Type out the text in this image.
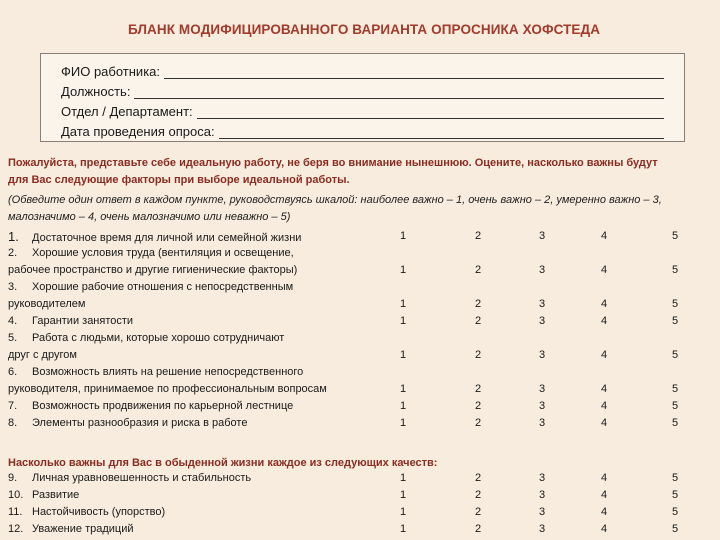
БЛАНК МОДИФИЦИРОВАННОГО ВАРИАНТА ОПРОСНИКА ХОФСТЕДА
ФИО работника:
Должность:
Отдел / Департамент:
Дата проведения опроса:
Пожалуйста, представьте себе идеальную работу, не беря во внимание нынешнюю. Оцените, насколько важны будут
для Вас следующие факторы при выборе идеальной работы.
(Обведите один ответ в каждом пункте, руководствуясь шкалой: наиболее важно – 1, очень важно – 2, умеренно важно – 3,
малозначимо – 4, очень малозначимо или неважно – 5)
1. Достаточное время для личной или семейной жизни	1	2	3	4	5
2. Хорошие условия труда (вентиляция и освещение,
рабочее пространство и другие гигиенические факторы)	1	2	3	4	5
3. Хорошие рабочие отношения с непосредственным
руководителем	1	2	3	4	5
4. Гарантии занятости	1	2	3	4	5
5. Работа с людьми, которые хорошо сотрудничают
друг с другом	1	2	3	4	5
6. Возможность влиять на решение непосредственного
руководителя, принимаемое по профессиональным вопросам	1	2	3	4	5
7. Возможность продвижения по карьерной лестнице	1	2	3	4	5
8. Элементы разнообразия и риска в работе	1	2	3	4	5
9. Личная уравновешенность и стабильность	1	2	3	4	5
10. Развитие	1	2	3	4	5
11. Настойчивость (упорство)	1	2	3	4	5
12. Уважение традиций	1	2	3	4	5
Насколько важны для Вас в обыденной жизни каждое из следующих качеств:
